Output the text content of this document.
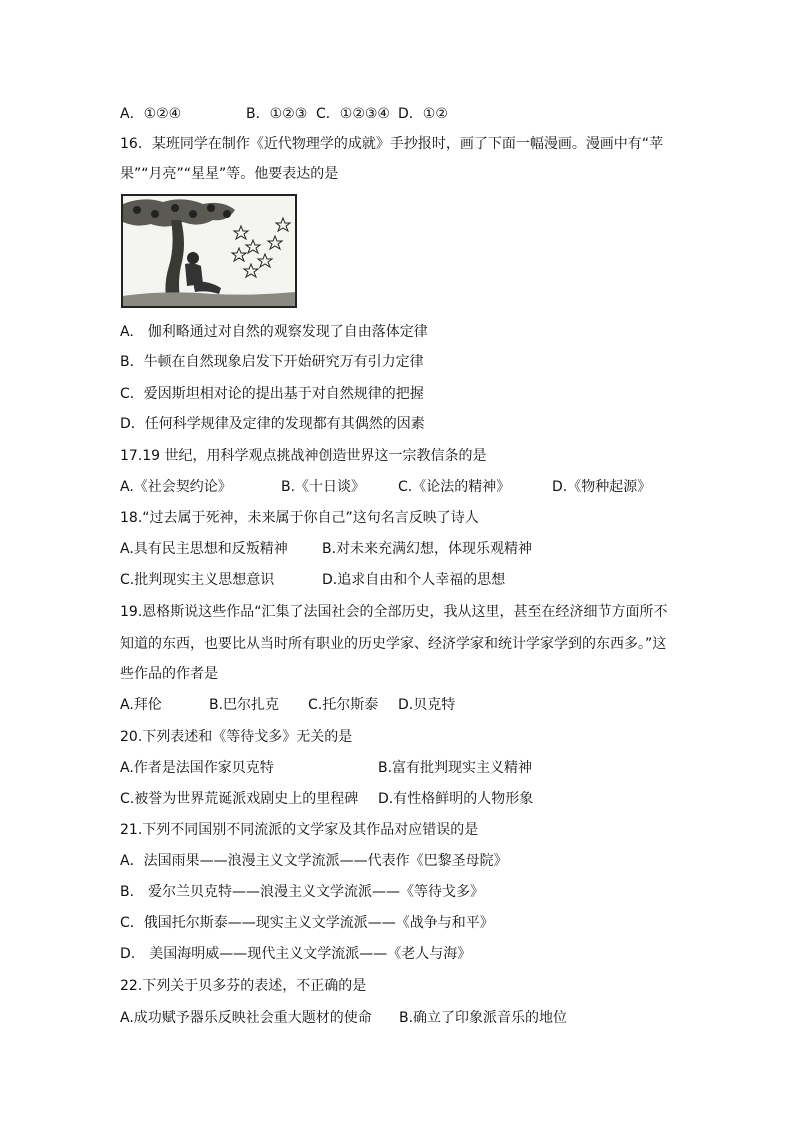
A．①②④	B．①②③ C．①②③④ D．①②
16．某班同学在制作《近代物理学的成就》手抄报时，画了下面一幅漫画。漫画中有“苹
果”“月亮”“星星”等。他要表达的是
A.　伽利略通过对自然的观察发现了自由落体定律
B．牛顿在自然现象启发下开始研究万有引力定律
C．爱因斯坦相对论的提出基于对自然规律的把握
D．任何科学规律及定律的发现都有其偶然的因素
17.19 世纪，用科学观点挑战神创造世界这一宗教信条的是
A.《社会契约论》	B.《十日谈》 C.《论法的精神》	D.《物种起源》
18.“过去属于死神，未来属于你自己”这句名言反映了诗人
A.具有民主思想和反叛精神 B.对未来充满幻想，体现乐观精神
C.批判现实主义思想意识	D.追求自由和个人幸福的思想
19.恩格斯说这些作品“汇集了法国社会的全部历史，我从这里，甚至在经济细节方面所不
知道的东西，也要比从当时所有职业的历史学家、经济学家和统计学家学到的东西多。”这
些作品的作者是
A.拜伦	B.巴尔扎克 C.托尔斯泰 D.贝克特
20.下列表述和《等待戈多》无关的是
A.作者是法国作家贝克特	B.富有批判现实主义精神
C.被誉为世界荒诞派戏剧史上的里程碑 D.有性格鲜明的人物形象
21.下列不同国别不同流派的文学家及其作品对应错误的是
A．法国雨果——浪漫主义文学流派——代表作《巴黎圣母院》
B.　爱尔兰贝克特——浪漫主义文学流派——《等待戈多》
C．俄国托尔斯泰——现实主义文学流派——《战争与和平》
D.　美国海明威——现代主义文学流派——《老人与海》
22.下列关于贝多芬的表述，不正确的是
A.成功赋予器乐反映社会重大题材的使命 B.确立了印象派音乐的地位
